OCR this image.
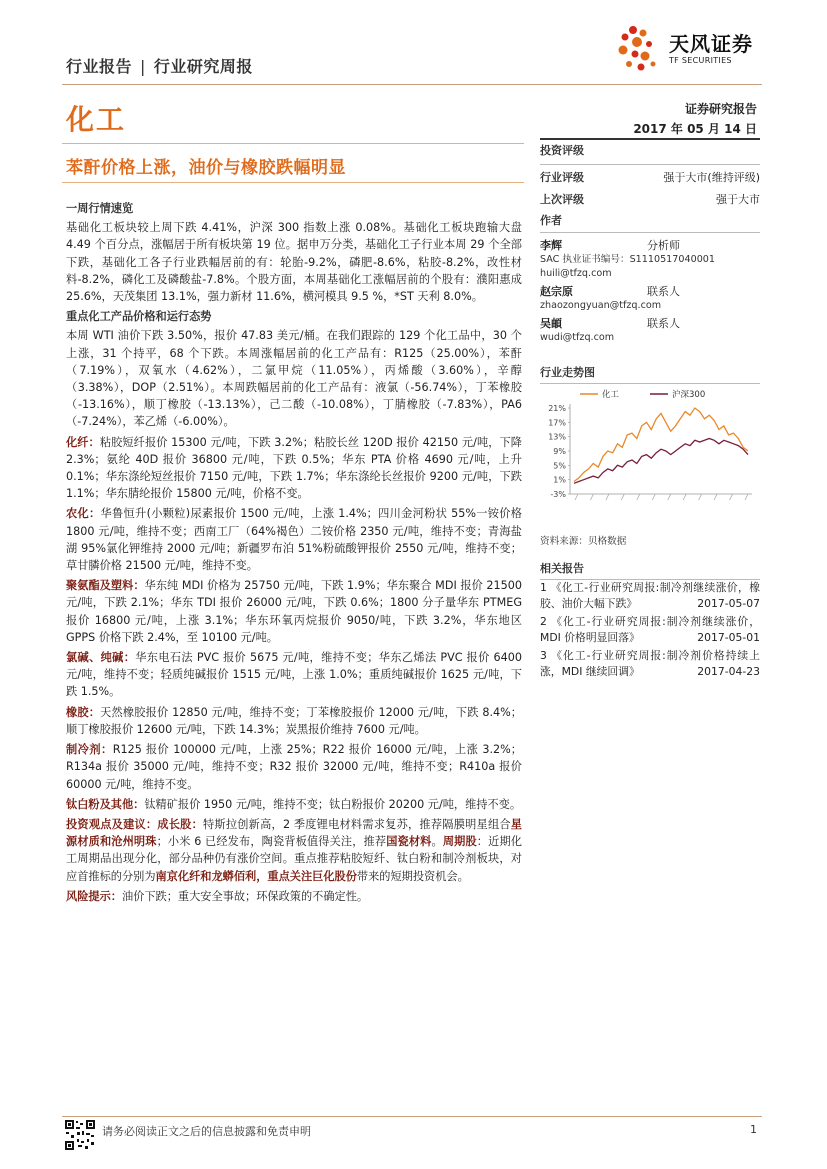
行业报告 | 行业研究周报
天风证券
TF SECURITIES
化工	证券研究报告
2017 年 05 月 14 日
苯酐价格上涨，油价与橡胶跌幅明显
一周行情速览

基础化工板块较上周下跌 4.41%，沪深 300 指数上涨 0.08%。基础化工板块跑输大盘 4.49 个百分点，涨幅居于所有板块第 19 位。据申万分类，基础化工子行业本周 29 个全部下跌，基础化工各子行业跌幅居前的有：轮胎-9.2%，磷肥-8.6%，粘胶-8.2%，改性材料-8.2%，磷化工及磷酸盐-7.8%。个股方面，本周基础化工涨幅居前的个股有：濮阳惠成 25.6%，天茂集团 13.1%，强力新材 11.6%，横河模具 9.5 %，*ST 天利 8.0%。

重点化工产品价格和运行态势

本周 WTI 油价下跌 3.50%，报价 47.83 美元/桶。在我们跟踪的 129 个化工品中，30 个上涨，31 个持平，68 个下跌。本周涨幅居前的化工产品有：R125（25.00%），苯酐（7.19%），双氧水（4.62%），二氯甲烷（11.05%），丙烯酸（3.60%），辛醇（3.38%），DOP（2.51%）。本周跌幅居前的化工产品有：液氯（-56.74%），丁苯橡胶（-13.16%），顺丁橡胶（-13.13%），己二酸（-10.08%），丁腈橡胶（-7.83%），PA6（-7.24%），苯乙烯（-6.00%）。

化纤：粘胶短纤报价 15300 元/吨，下跌 3.2%；粘胶长丝 120D 报价 42150 元/吨，下降 2.3%；氨纶 40D 报价 36800 元/吨，下跌 0.5%；华东 PTA 价格 4690 元/吨，上升 0.1%；华东涤纶短丝报价 7150 元/吨，下跌 1.7%；华东涤纶长丝报价 9200 元/吨，下跌 1.1%；华东腈纶报价 15800 元/吨，价格不变。

农化：华鲁恒升(小颗粒)尿素报价 1500 元/吨，上涨 1.4%；四川金河粉状 55%一铵价格 1800 元/吨，维持不变；西南工厂（64%褐色）二铵价格 2350 元/吨，维持不变；青海盐湖 95%氯化钾维持 2000 元/吨；新疆罗布泊 51%粉硫酸钾报价 2550 元/吨，维持不变；草甘膦价格 21500 元/吨，维持不变。

聚氨酯及塑料：华东纯 MDI 价格为 25750 元/吨，下跌 1.9%；华东聚合 MDI 报价 21500 元/吨，下跌 2.1%；华东 TDI 报价 26000 元/吨，下跌 0.6%；1800 分子量华东 PTMEG 报价 16800 元/吨，上涨 3.1%；华东环氧丙烷报价 9050/吨，下跌 3.2%，华东地区 GPPS 价格下跌 2.4%，至 10100 元/吨。

氯碱、纯碱：华东电石法 PVC 报价 5675 元/吨，维持不变；华东乙烯法 PVC 报价 6400 元/吨，维持不变；轻质纯碱报价 1515 元/吨，上涨 1.0%；重质纯碱报价 1625 元/吨，下跌 1.5%。

橡胶：天然橡胶报价 12850 元/吨，维持不变；丁苯橡胶报价 12000 元/吨，下跌 8.4%；顺丁橡胶报价 12600 元/吨，下跌 14.3%；炭黑报价维持 7600 元/吨。

制冷剂：R125 报价 100000 元/吨，上涨 25%；R22 报价 16000 元/吨，上涨 3.2%；R134a 报价 35000 元/吨，维持不变；R32 报价 32000 元/吨，维持不变；R410a 报价 60000 元/吨，维持不变。

钛白粉及其他：钛精矿报价 1950 元/吨，维持不变；钛白粉报价 20200 元/吨，维持不变。

投资观点及建议：成长股：特斯拉创新高，2 季度锂电材料需求复苏，推荐隔膜明星组合星源材质和沧州明珠；小米 6 已经发布，陶瓷背板值得关注，推荐国瓷材料。周期股：近期化工周期品出现分化，部分品种仍有涨价空间。重点推荐粘胶短纤、钛白粉和制冷剂板块，对应首推标的分别为南京化纤和龙蟒佰利，重点关注巨化股份带来的短期投资机会。

风险提示：油价下跌；重大安全事故；环保政策的不确定性。

投资评级
行业评级	强于大市(维持评级)
上次评级	强于大市
作者
李辉	分析师
SAC 执业证书编号：S1110517040001
huili@tfzq.com
赵宗原	联系人
zhaozongyuan@tfzq.com
吴頔	联系人
wudi@tfzq.com
行业走势图
21%
17%
13%
9%
5%
1%
-3%
化工	沪深300
资料来源：贝格数据
相关报告
1 《化工-行业研究周报:制冷剂继续涨价，橡胶、油价大幅下跌》	2017-05-07
2 《化工-行业研究周报:制冷剂继续涨价，MDI 价格明显回落》	2017-05-01
3 《化工-行业研究周报:制冷剂价格持续上涨，MDI 继续回调》	2017-04-23
请务必阅读正文之后的信息披露和免责申明	1
